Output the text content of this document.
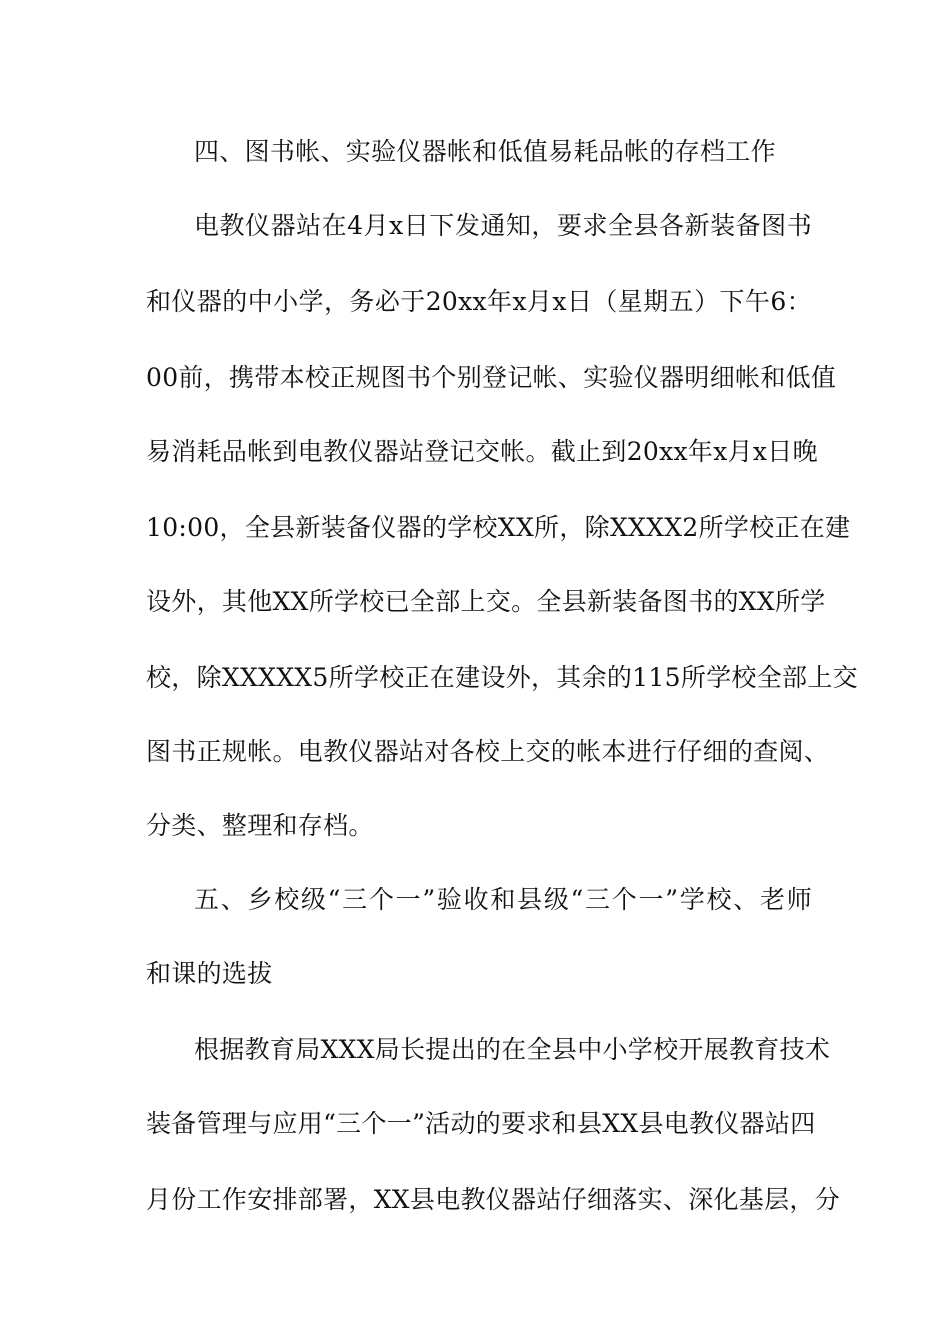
四、图书帐、实验仪器帐和低值易耗品帐的存档工作
电教仪器站在4月x日下发通知，要求全县各新装备图书
和仪器的中小学，务必于20xx年x月x日（星期五）下午6：
00前，携带本校正规图书个别登记帐、实验仪器明细帐和低值
易消耗品帐到电教仪器站登记交帐。截止到20xx年x月x日晚
10:00，全县新装备仪器的学校XX所，除XXXX2所学校正在建
设外，其他XX所学校已全部上交。全县新装备图书的XX所学
校，除XXXXX5所学校正在建设外，其余的115所学校全部上交
图书正规帐。电教仪器站对各校上交的帐本进行仔细的查阅、
分类、整理和存档。
五、乡校级“三个一”验收和县级“三个一”学校、老师
和课的选拔
根据教育局XXX局长提出的在全县中小学校开展教育技术
装备管理与应用“三个一”活动的要求和县XX县电教仪器站四
月份工作安排部署，XX县电教仪器站仔细落实、深化基层，分
